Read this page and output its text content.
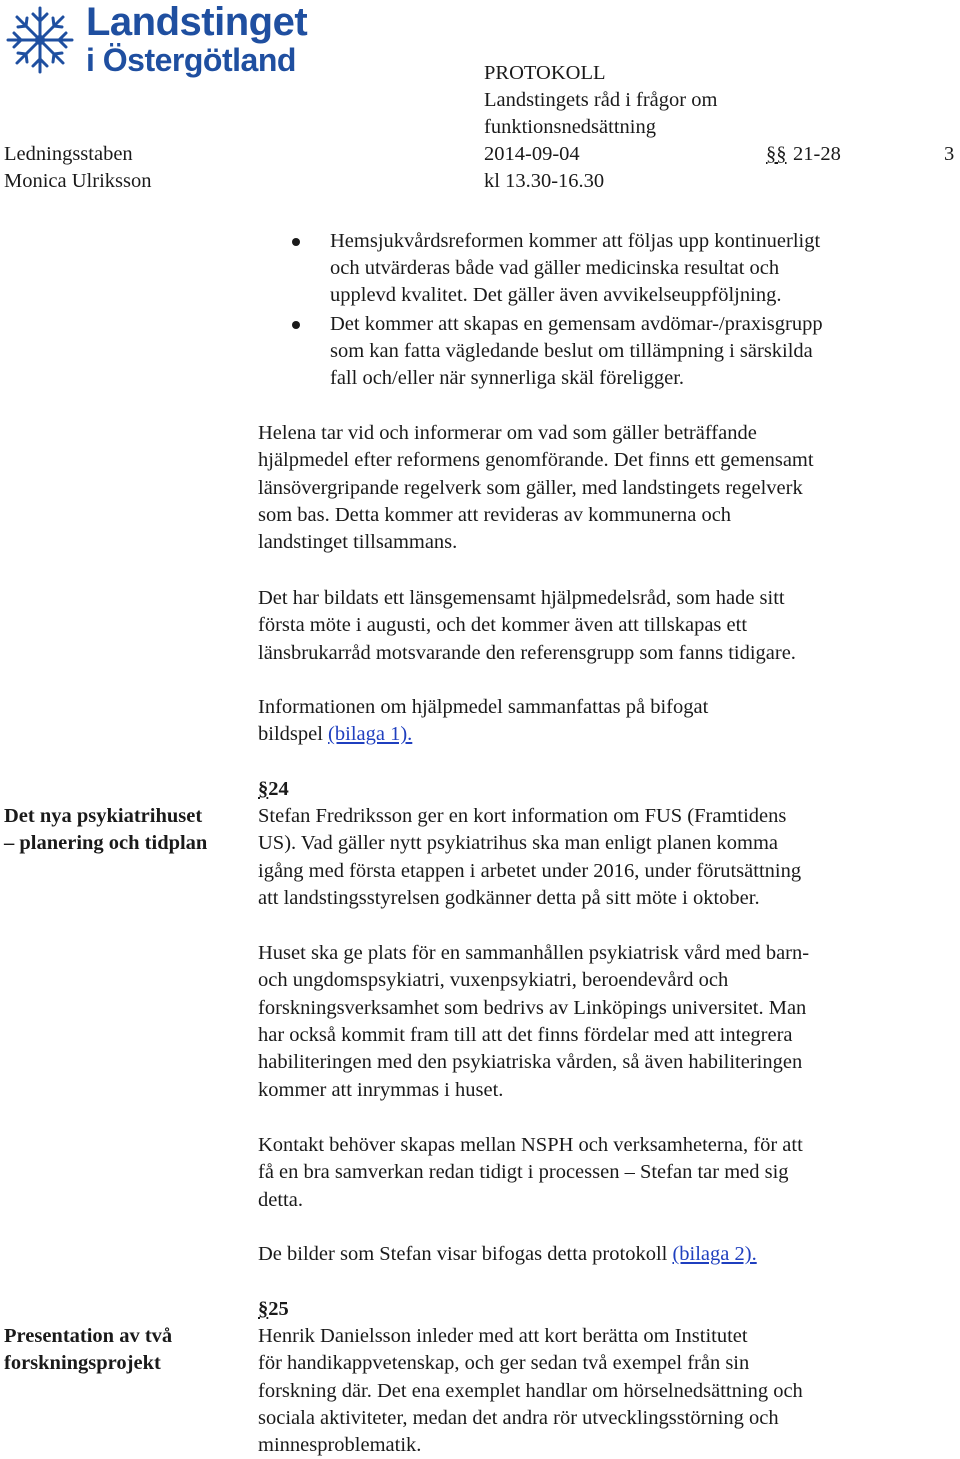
Landstinget
i Östergötland	PROTOKOLL
Landstingets råd i frågor om
funktionsnedsättning
Ledningsstaben	2014-09-04	§§ 21-28	3
Monica Ulriksson	kl 13.30-16.30
Hemsjukvårdsreformen kommer att följas upp kontinuerligt
och utvärderas både vad gäller medicinska resultat och
upplevd kvalitet. Det gäller även avvikelseuppföljning.
Det kommer att skapas en gemensam avdömar-/praxisgrupp
som kan fatta vägledande beslut om tillämpning i särskilda
fall och/eller när synnerliga skäl föreligger.
Helena tar vid och informerar om vad som gäller beträffande
hjälpmedel efter reformens genomförande. Det finns ett gemensamt
länsövergripande regelverk som gäller, med landstingets regelverk
som bas. Detta kommer att revideras av kommunerna och
landstinget tillsammans.
Det har bildats ett länsgemensamt hjälpmedelsråd, som hade sitt
första möte i augusti, och det kommer även att tillskapas ett
länsbrukarråd motsvarande den referensgrupp som fanns tidigare.
Informationen om hjälpmedel sammanfattas på bifogat
bildspel (bilaga 1).
§24
Det nya psykiatrihuset
– planering och tidplan
Stefan Fredriksson ger en kort information om FUS (Framtidens
US). Vad gäller nytt psykiatrihus ska man enligt planen komma
igång med första etappen i arbetet under 2016, under förutsättning
att landstingsstyrelsen godkänner detta på sitt möte i oktober.
Huset ska ge plats för en sammanhållen psykiatrisk vård med barn-
och ungdomspsykiatri, vuxenpsykiatri, beroendevård och
forskningsverksamhet som bedrivs av Linköpings universitet. Man
har också kommit fram till att det finns fördelar med att integrera
habiliteringen med den psykiatriska vården, så även habiliteringen
kommer att inrymmas i huset.
Kontakt behöver skapas mellan NSPH och verksamheterna, för att
få en bra samverkan redan tidigt i processen – Stefan tar med sig
detta.
De bilder som Stefan visar bifogas detta protokoll (bilaga 2).
§25
Presentation av två
forskningsprojekt
Henrik Danielsson inleder med att kort berätta om Institutet
för handikappvetenskap, och ger sedan två exempel från sin
forskning där. Det ena exemplet handlar om hörselnedsättning och
sociala aktiviteter, medan det andra rör utvecklingsstörning och
minnesproblematik.
